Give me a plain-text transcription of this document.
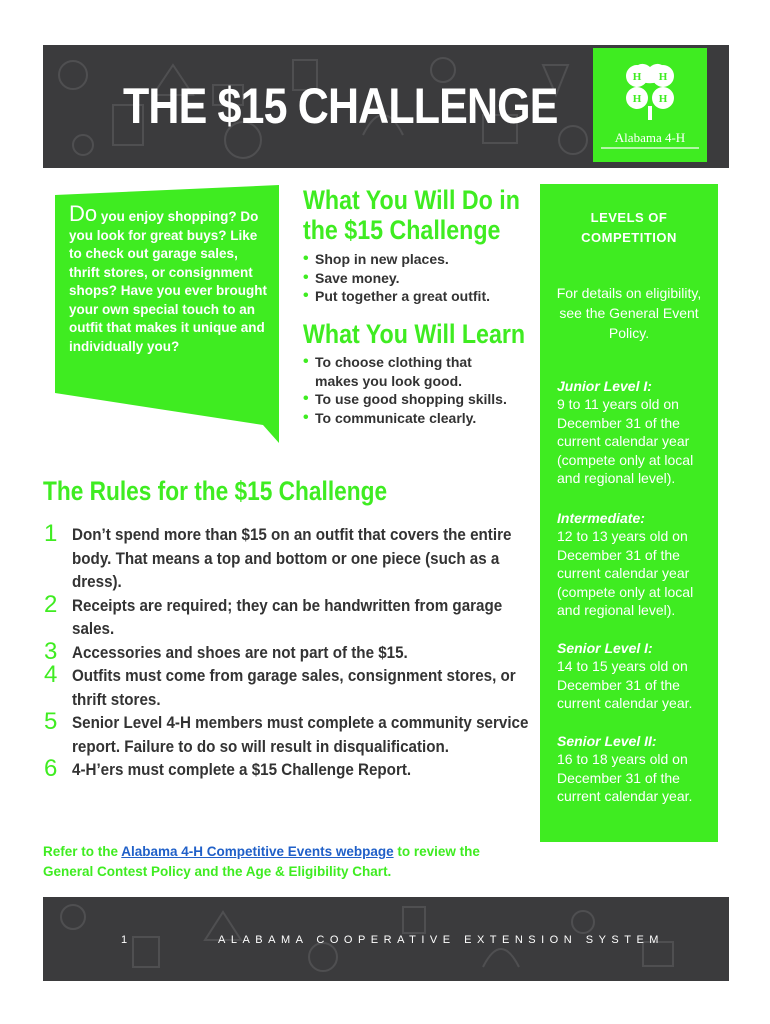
THE $15 CHALLENGE
H H
H H
Alabama 4-H
Do you enjoy shopping? Do you look for great buys? Like to check out garage sales, thrift stores, or consignment shops? Have you ever brought your own special touch to an outfit that makes it unique and individually you?
What You Will Do in
the $15 Challenge
• Shop in new places.
• Save money.
• Put together a great outfit.
What You Will Learn
• To choose clothing that makes you look good.
• To use good shopping skills.
• To communicate clearly.
LEVELS OF
COMPETITION
For details on eligibility, see the General Event Policy.
Junior Level I:
9 to 11 years old on December 31 of the current calendar year (compete only at local and regional level).
Intermediate:
12 to 13 years old on December 31 of the current calendar year (compete only at local and regional level).
Senior Level I:
14 to 15 years old on December 31 of the current calendar year.
Senior Level II:
16 to 18 years old on December 31 of the current calendar year.
The Rules for the $15 Challenge
1 Don’t spend more than $15 on an outfit that covers the entire body. That means a top and bottom or one piece (such as a dress).
2 Receipts are required; they can be handwritten from garage sales.
3 Accessories and shoes are not part of the $15.
4 Outfits must come from garage sales, consignment stores, or thrift stores.
5 Senior Level 4-H members must complete a community service report. Failure to do so will result in disqualification.
6 4-H’ers must complete a $15 Challenge Report.
Refer to the Alabama 4-H Competitive Events webpage to review the General Contest Policy and the Age & Eligibility Chart.
1	ALABAMA COOPERATIVE EXTENSION SYSTEM
